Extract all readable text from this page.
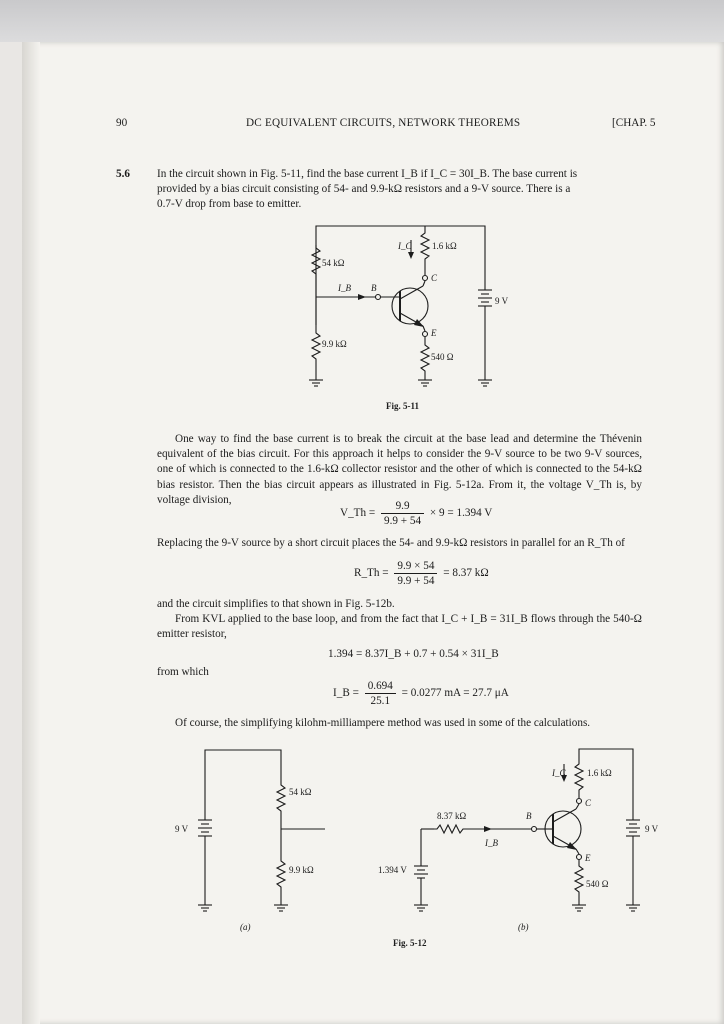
90	DC EQUIVALENT CIRCUITS, NETWORK THEOREMS	[CHAP. 5
5.6 In the circuit shown in Fig. 5-11, find the base current I_B if I_C = 30I_B. The base current is
provided by a bias circuit consisting of 54- and 9.9-kΩ resistors and a 9-V source. There is a
0.7-V drop from base to emitter.
54 kΩ
9.9 kΩ
1.6 kΩ
540 Ω
9 V
I_C
I_B B
C
E
Fig. 5-11
One way to find the base current is to break the circuit at the base lead and determine the Thévenin equivalent of the bias circuit. For this approach it helps to consider the 9-V source to be two 9-V sources, one of which is connected to the 1.6-kΩ collector resistor and the other of which is connected to the 54-kΩ bias resistor. Then the bias circuit appears as illustrated in Fig. 5-12a. From it, the voltage V_Th is, by voltage division,
V_Th = $\frac{9.9}{9.9 + 54} \times 9 = 1.394$ V
Replacing the 9-V source by a short circuit places the 54- and 9.9-kΩ resistors in parallel for an R_Th of
R_Th = $\frac{9.9 \times 54}{9.9 + 54} = 8.37$ kΩ
and the circuit simplifies to that shown in Fig. 5-12b.
From KVL applied to the base loop, and from the fact that I_C + I_B = 31I_B flows through the 540-Ω emitter resistor,
1.394 = 8.37I_B + 0.7 + 0.54 × 31I_B
from which
I_B = $\frac{0.694}{25.1} = 0.0277$ mA = 27.7 μA
Of course, the simplifying kilohm-milliampere method was used in some of the calculations.
54 kΩ
9.9 kΩ
9 V
(a)
8.37 kΩ
1.394 V
I_B
B
I_C 1.6 kΩ
C
E
540 Ω
9 V
(b)
Fig. 5-12
